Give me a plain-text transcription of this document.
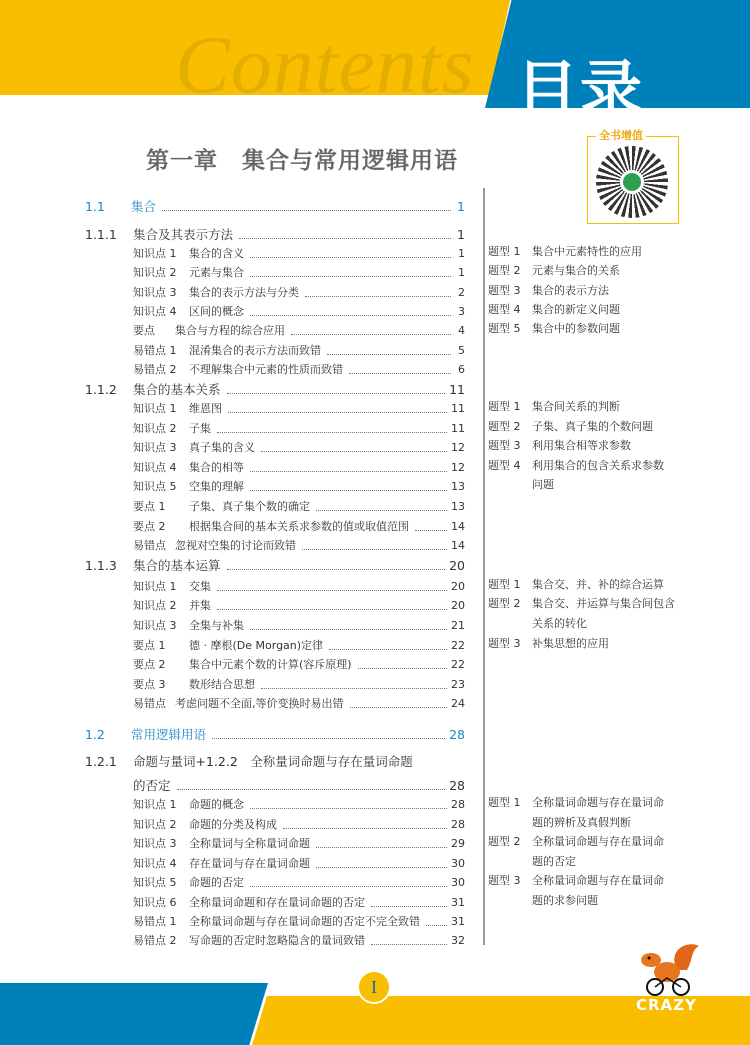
Contents 目录
第一章　集合与常用逻辑用语
全书增值
1.1	集合	1
1.1.1	集合及其表示方法	1
知识点 1	集合的含义	1
知识点 2	元素与集合	1
知识点 3	集合的表示方法与分类	2
知识点 4	区间的概念	3
要点	集合与方程的综合应用	4
易错点 1	混淆集合的表示方法而致错	5
易错点 2	不理解集合中元素的性质而致错	6
1.1.2	集合的基本关系	11
知识点 1	维恩图	11
知识点 2	子集	11
知识点 3	真子集的含义	12
知识点 4	集合的相等	12
知识点 5	空集的理解	13
要点 1	子集、真子集个数的确定	13
要点 2	根据集合间的基本关系求参数的值或取值范围	14
易错点 忽视对空集的讨论而致错	14
1.1.3	集合的基本运算	20
知识点 1	交集	20
知识点 2	并集	20
知识点 3	全集与补集	21
要点 1	德 · 摩根(De Morgan)定律	22
要点 2	集合中元素个数的计算(容斥原理)	22
要点 3	数形结合思想	23
易错点 考虑问题不全面,等价变换时易出错	24
1.2	常用逻辑用语	28
1.2.1	命题与量词+1.2.2　全称量词命题与存在量词命题
的否定	28
知识点 1	命题的概念	28
知识点 2	命题的分类及构成	28
知识点 3	全称量词与全称量词命题	29
知识点 4	存在量词与存在量词命题	30
知识点 5	命题的否定	30
知识点 6	全称量词命题和存在量词命题的否定	31
易错点 1	全称量词命题与存在量词命题的否定不完全致错	31
易错点 2	写命题的否定时忽略隐含的量词致错	32
题型 1 集合中元素特性的应用
题型 2 元素与集合的关系
题型 3 集合的表示方法
题型 4 集合的新定义问题
题型 5 集合中的参数问题
题型 1 集合间关系的判断
题型 2 子集、真子集的个数问题
题型 3 利用集合相等求参数
题型 4 利用集合的包含关系求参数
问题
题型 1 集合交、并、补的综合运算
题型 2 集合交、并运算与集合间包含
关系的转化
题型 3 补集思想的应用
题型 1 全称量词命题与存在量词命
题的辨析及真假判断
题型 2 全称量词命题与存在量词命
题的否定
题型 3 全称量词命题与存在量词命
题的求参问题
I
CRAZY
